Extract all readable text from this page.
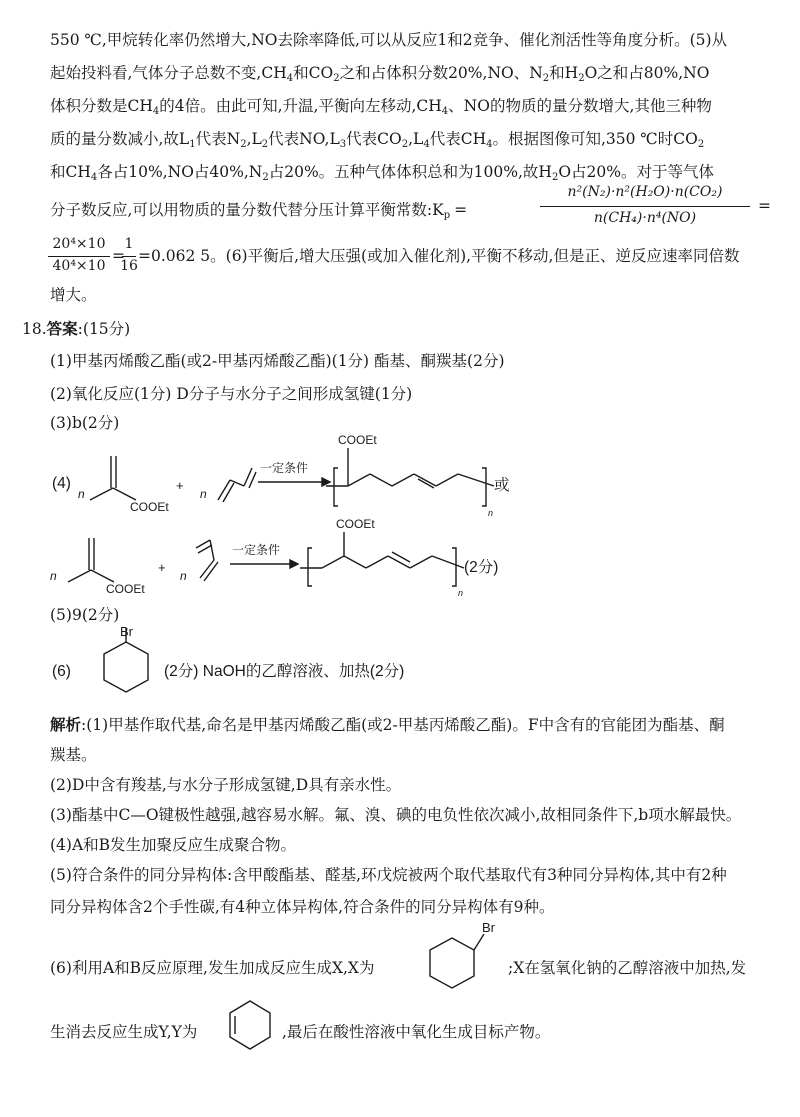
550 ℃,甲烷转化率仍然增大,NO去除率降低,可以从反应1和2竞争、催化剂活性等角度分析。(5)从
起始投料看,气体分子总数不变$,CH_4$和$CO_2$之和占体积分数20%,NO、$N_2$和$H_2O$之和占80%,NO
体积分数是$CH_4$的4倍。由此可知,升温,平衡向左移动$,CH_4$、NO的物质的量分数增大,其他三种物
质的量分数减小,故$L_1$代表$N_2,L_2$代表$NO,L_3$代表$CO_2,L_4$代表$CH_4$。根据图像可知,350 ℃时$CO_2$
和$CH_4$各占10%,NO占$40\%,N_2$占20%。五种气体体积总和为100%,故$H_2O$占20%。对于等气体
分子数反应,可以用物质的量分数代替分压计算平衡常数$:K_p$ =
n²(N₂)·n²(H₂O)·n(CO₂)
n(CH₄)·n⁴(NO)
=
20⁴×10
40⁴×10
=
1
16
=0.062 5。(6)平衡后,增大压强(或加入催化剂),平衡不移动,但是正、逆反应速率同倍数
增大。
18.答案:(15分)
(1)甲基丙烯酸乙酯(或2-甲基丙烯酸乙酯)(1分) 酯基、酮羰基(2分)
(2)氧化反应(1分) D分子与水分子之间形成氢键(1分)
(3)b(2分)
(4)
n
COOEt
+
n
一定条件
COOEt
n
或
n
COOEt
+
n
一定条件
COOEt
n
(2分)
(5)9(2分)
(6)
Br
(2分) NaOH的乙醇溶液、加热(2分)
解析:(1)甲基作取代基,命名是甲基丙烯酸乙酯(或2-甲基丙烯酸乙酯)。F中含有的官能团为酯基、酮
羰基。
(2)D中含有羧基,与水分子形成氢键,D具有亲水性。
(3)酯基中C—O键极性越强,越容易水解。氟、溴、碘的电负性依次减小,故相同条件下,b项水解最快。
(4)A和B发生加聚反应生成聚合物。
(5)符合条件的同分异构体:含甲酸酯基、醛基,环戊烷被两个取代基取代有3种同分异构体,其中有2种
同分异构体含2个手性碳,有4种立体异构体,符合条件的同分异构体有9种。
(6)利用A和B反应原理,发生加成反应生成X,X为
Br
;X在氢氧化钠的乙醇溶液中加热,发
生消去反应生成Y,Y为	,最后在酸性溶液中氧化生成目标产物。
